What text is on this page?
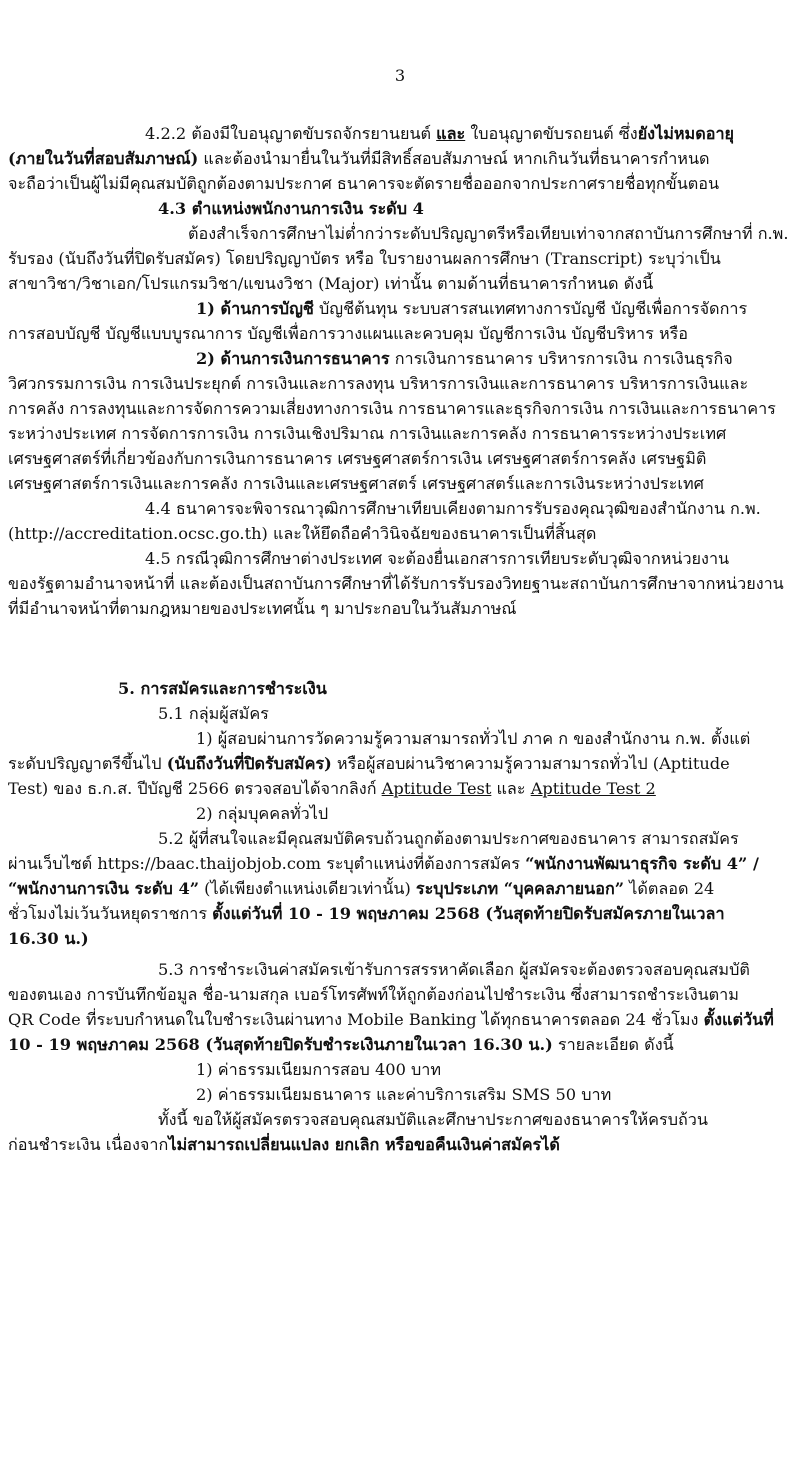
3
4.2.2 ต้องมีใบอนุญาตขับรถจักรยานยนต์ และ ใบอนุญาตขับรถยนต์ ซึ่งยังไม่หมดอายุ
(ภายในวันที่สอบสัมภาษณ์) และต้องนำมายื่นในวันที่มีสิทธิ์สอบสัมภาษณ์ หากเกินวันที่ธนาคารกำหนด
จะถือว่าเป็นผู้ไม่มีคุณสมบัติถูกต้องตามประกาศ ธนาคารจะตัดรายชื่อออกจากประกาศรายชื่อทุกขั้นตอน
4.3 ตำแหน่งพนักงานการเงิน ระดับ 4
ต้องสำเร็จการศึกษาไม่ต่ำกว่าระดับปริญญาตรีหรือเทียบเท่าจากสถาบันการศึกษาที่ ก.พ.
รับรอง (นับถึงวันที่ปิดรับสมัคร) โดยปริญญาบัตร หรือ ใบรายงานผลการศึกษา (Transcript) ระบุว่าเป็น
สาขาวิชา/วิชาเอก/โปรแกรมวิชา/แขนงวิชา (Major) เท่านั้น ตามด้านที่ธนาคารกำหนด ดังนี้
1) ด้านการบัญชี บัญชีต้นทุน ระบบสารสนเทศทางการบัญชี บัญชีเพื่อการจัดการ
การสอบบัญชี บัญชีแบบบูรณาการ บัญชีเพื่อการวางแผนและควบคุม บัญชีการเงิน บัญชีบริหาร หรือ
2) ด้านการเงินการธนาคาร การเงินการธนาคาร บริหารการเงิน การเงินธุรกิจ
วิศวกรรมการเงิน การเงินประยุกต์ การเงินและการลงทุน บริหารการเงินและการธนาคาร บริหารการเงินและ
การคลัง การลงทุนและการจัดการความเสี่ยงทางการเงิน การธนาคารและธุรกิจการเงิน การเงินและการธนาคาร
ระหว่างประเทศ การจัดการการเงิน การเงินเชิงปริมาณ การเงินและการคลัง การธนาคารระหว่างประเทศ
เศรษฐศาสตร์ที่เกี่ยวข้องกับการเงินการธนาคาร เศรษฐศาสตร์การเงิน เศรษฐศาสตร์การคลัง เศรษฐมิติ
เศรษฐศาสตร์การเงินและการคลัง การเงินและเศรษฐศาสตร์ เศรษฐศาสตร์และการเงินระหว่างประเทศ
4.4 ธนาคารจะพิจารณาวุฒิการศึกษาเทียบเคียงตามการรับรองคุณวุฒิของสำนักงาน ก.พ.
(http://accreditation.ocsc.go.th) และให้ยึดถือคำวินิจฉัยของธนาคารเป็นที่สิ้นสุด
4.5 กรณีวุฒิการศึกษาต่างประเทศ จะต้องยื่นเอกสารการเทียบระดับวุฒิจากหน่วยงาน
ของรัฐตามอำนาจหน้าที่ และต้องเป็นสถาบันการศึกษาที่ได้รับการรับรองวิทยฐานะสถาบันการศึกษาจากหน่วยงาน
ที่มีอำนาจหน้าที่ตามกฎหมายของประเทศนั้น ๆ มาประกอบในวันสัมภาษณ์
5. การสมัครและการชำระเงิน
5.1 กลุ่มผู้สมัคร
1) ผู้สอบผ่านการวัดความรู้ความสามารถทั่วไป ภาค ก ของสำนักงาน ก.พ. ตั้งแต่
ระดับปริญญาตรีขึ้นไป (นับถึงวันที่ปิดรับสมัคร) หรือผู้สอบผ่านวิชาความรู้ความสามารถทั่วไป (Aptitude
Test) ของ ธ.ก.ส. ปีบัญชี 2566 ตรวจสอบได้จากลิงก์ Aptitude Test และ Aptitude Test 2
2) กลุ่มบุคคลทั่วไป
5.2 ผู้ที่สนใจและมีคุณสมบัติครบถ้วนถูกต้องตามประกาศของธนาคาร สามารถสมัคร
ผ่านเว็บไซต์ https://baac.thaijobjob.com ระบุตำแหน่งที่ต้องการสมัคร “พนักงานพัฒนาธุรกิจ ระดับ 4” /
“พนักงานการเงิน ระดับ 4” (ได้เพียงตำแหน่งเดียวเท่านั้น) ระบุประเภท “บุคคลภายนอก” ได้ตลอด 24
ชั่วโมงไม่เว้นวันหยุดราชการ ตั้งแต่วันที่ 10 - 19 พฤษภาคม 2568 (วันสุดท้ายปิดรับสมัครภายในเวลา
16.30 น.)
5.3 การชำระเงินค่าสมัครเข้ารับการสรรหาคัดเลือก ผู้สมัครจะต้องตรวจสอบคุณสมบัติ
ของตนเอง การบันทึกข้อมูล ชื่อ-นามสกุล เบอร์โทรศัพท์ให้ถูกต้องก่อนไปชำระเงิน ซึ่งสามารถชำระเงินตาม
QR Code ที่ระบบกำหนดในใบชำระเงินผ่านทาง Mobile Banking ได้ทุกธนาคารตลอด 24 ชั่วโมง ตั้งแต่วันที่
10 - 19 พฤษภาคม 2568 (วันสุดท้ายปิดรับชำระเงินภายในเวลา 16.30 น.) รายละเอียด ดังนี้
1) ค่าธรรมเนียมการสอบ 400 บาท
2) ค่าธรรมเนียมธนาคาร และค่าบริการเสริม SMS 50 บาท
ทั้งนี้ ขอให้ผู้สมัครตรวจสอบคุณสมบัติและศึกษาประกาศของธนาคารให้ครบถ้วน
ก่อนชำระเงิน เนื่องจากไม่สามารถเปลี่ยนแปลง ยกเลิก หรือขอคืนเงินค่าสมัครได้
